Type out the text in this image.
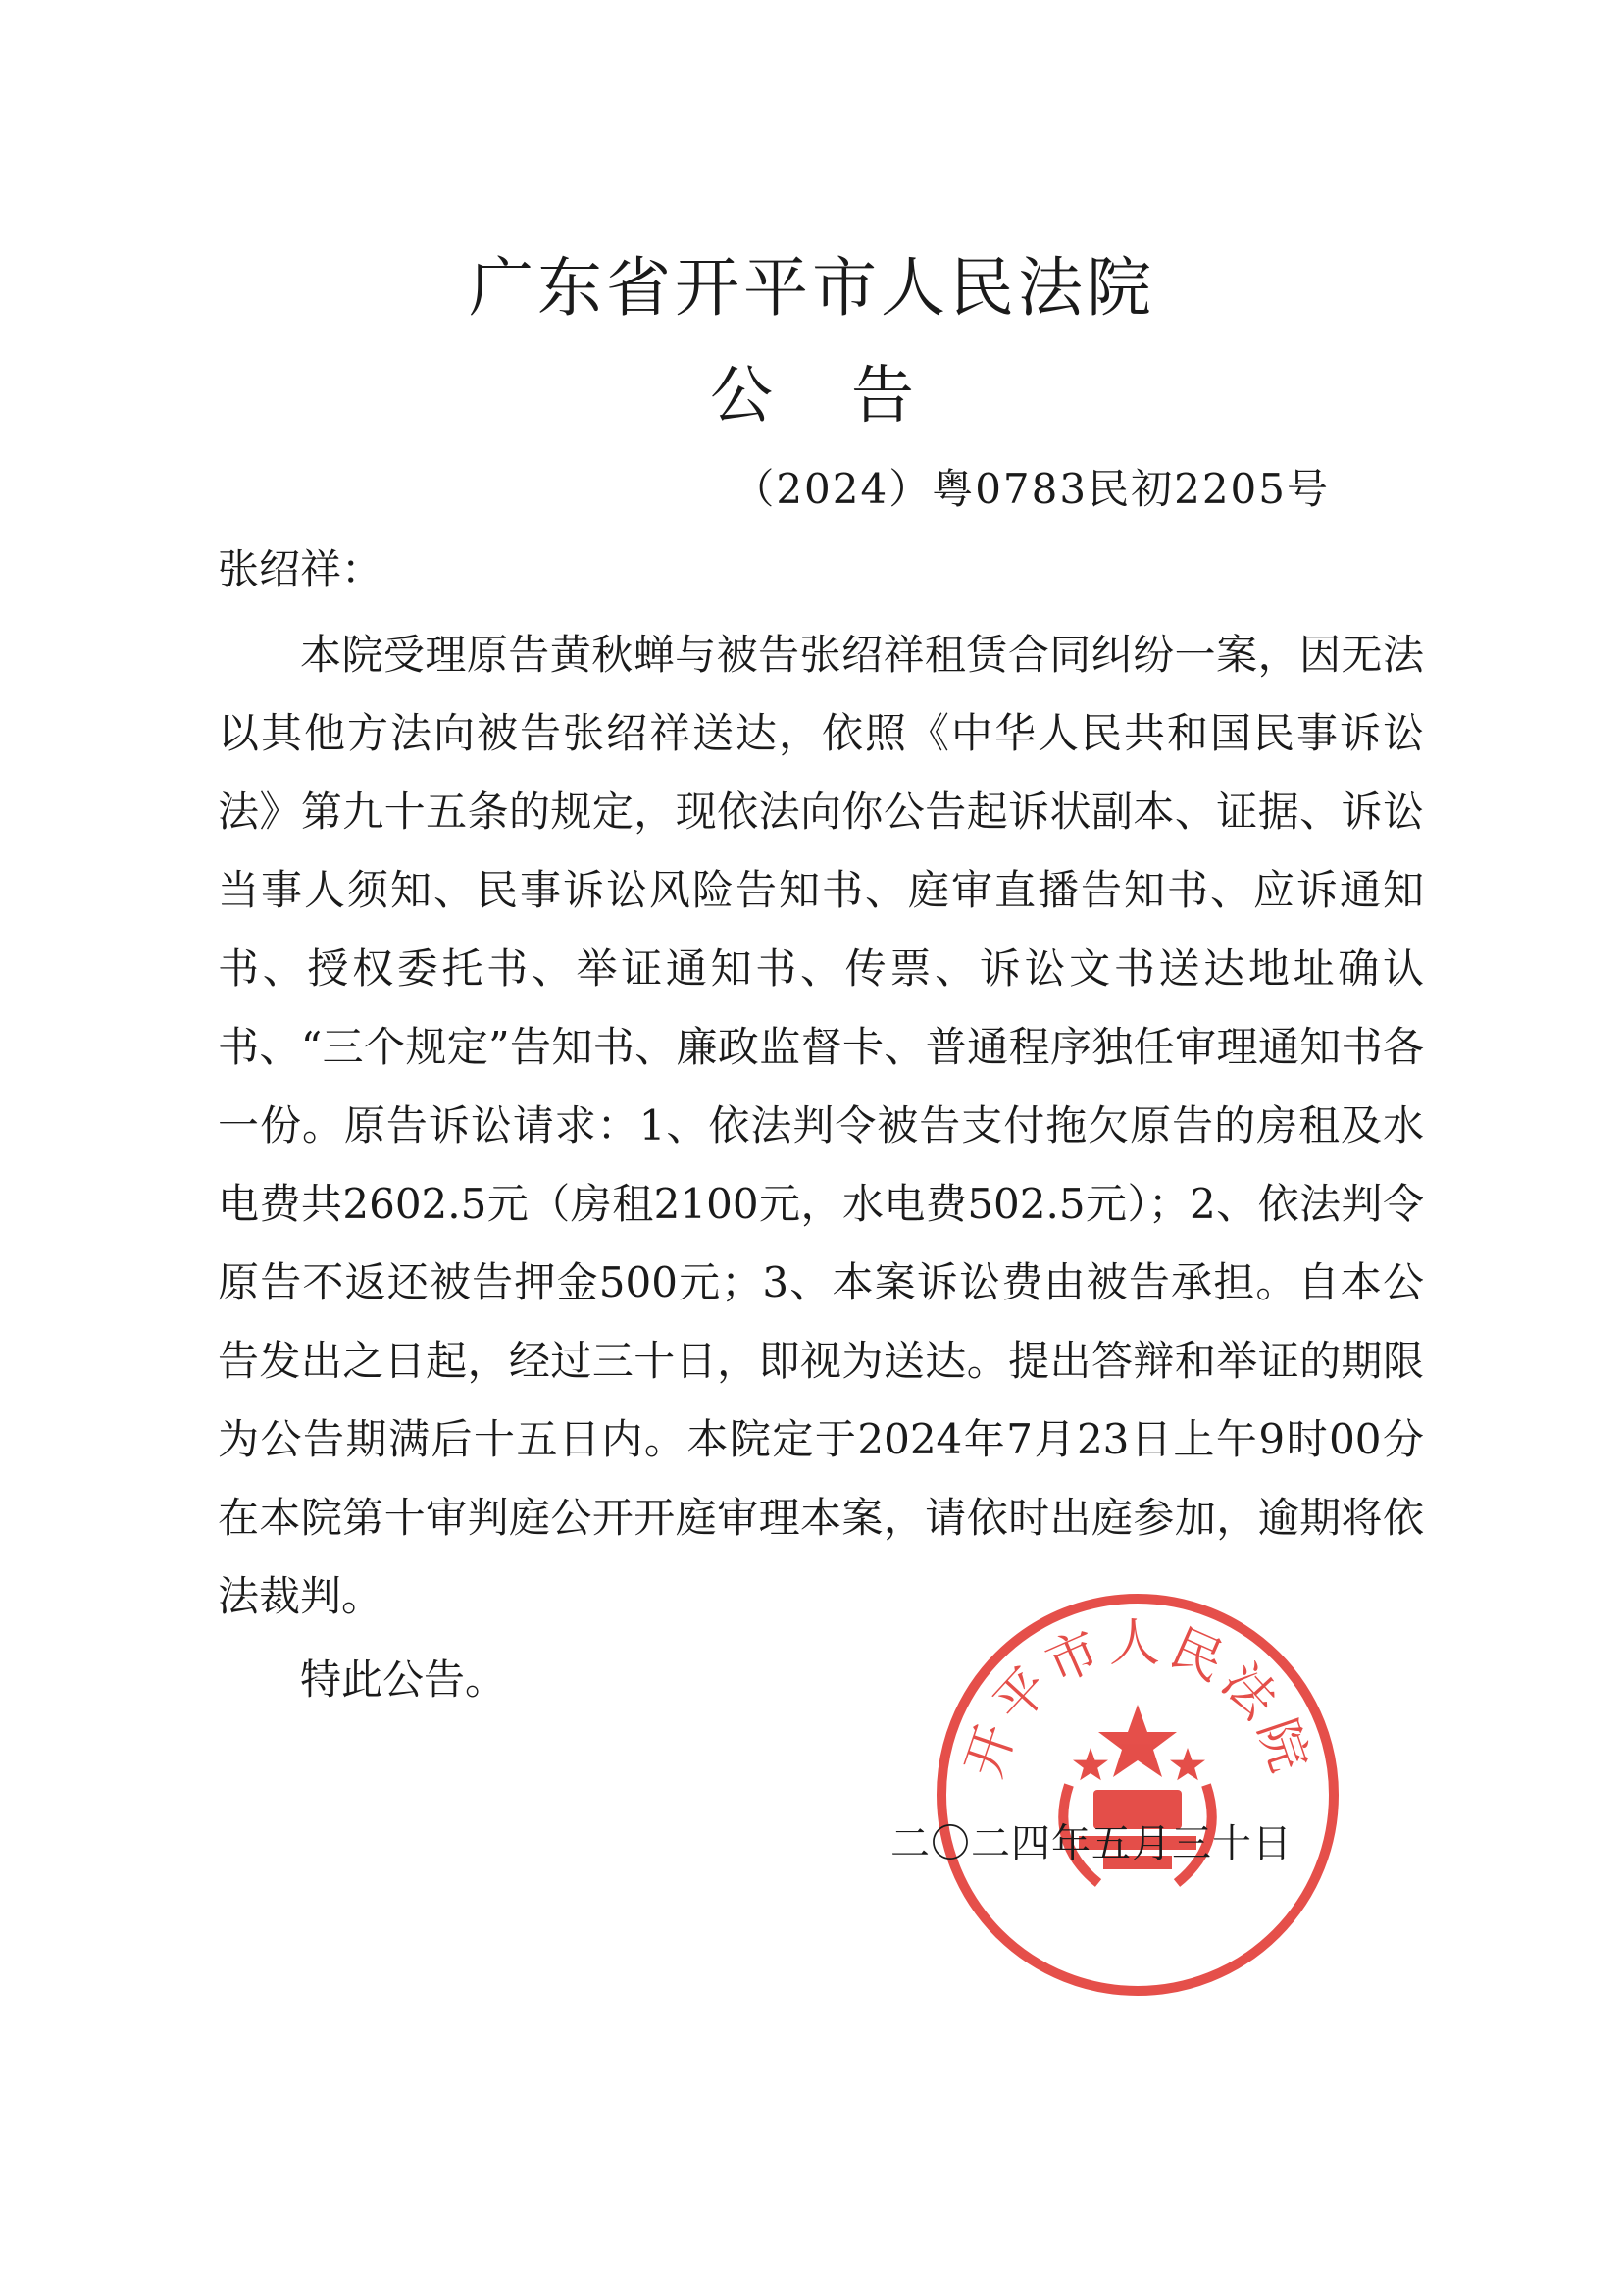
广东省开平市人民法院
公告
（2024）粤0783民初2205号
张绍祥：

本院受理原告黄秋蝉与被告张绍祥租赁合同纠纷一案，因无法以其他方法向被告张绍祥送达，依照《中华人民共和国民事诉讼法》第九十五条的规定，现依法向你公告起诉状副本、证据、诉讼当事人须知、民事诉讼风险告知书、庭审直播告知书、应诉通知书、授权委托书、举证通知书、传票、诉讼文书送达地址确认书、“三个规定”告知书、廉政监督卡、普通程序独任审理通知书各一份。原告诉讼请求：1、依法判令被告支付拖欠原告的房租及水电费共2602.5元（房租2100元，水电费502.5元）；2、依法判令原告不返还被告押金500元；3、本案诉讼费由被告承担。自本公告发出之日起，经过三十日，即视为送达。提出答辩和举证的期限为公告期满后十五日内。本院定于2024年7月23日上午9时00分在本院第十审判庭公开开庭审理本案，请依时出庭参加，逾期将依法裁判。

特此公告。
开平市人民法院
二〇二四年五月三十日
